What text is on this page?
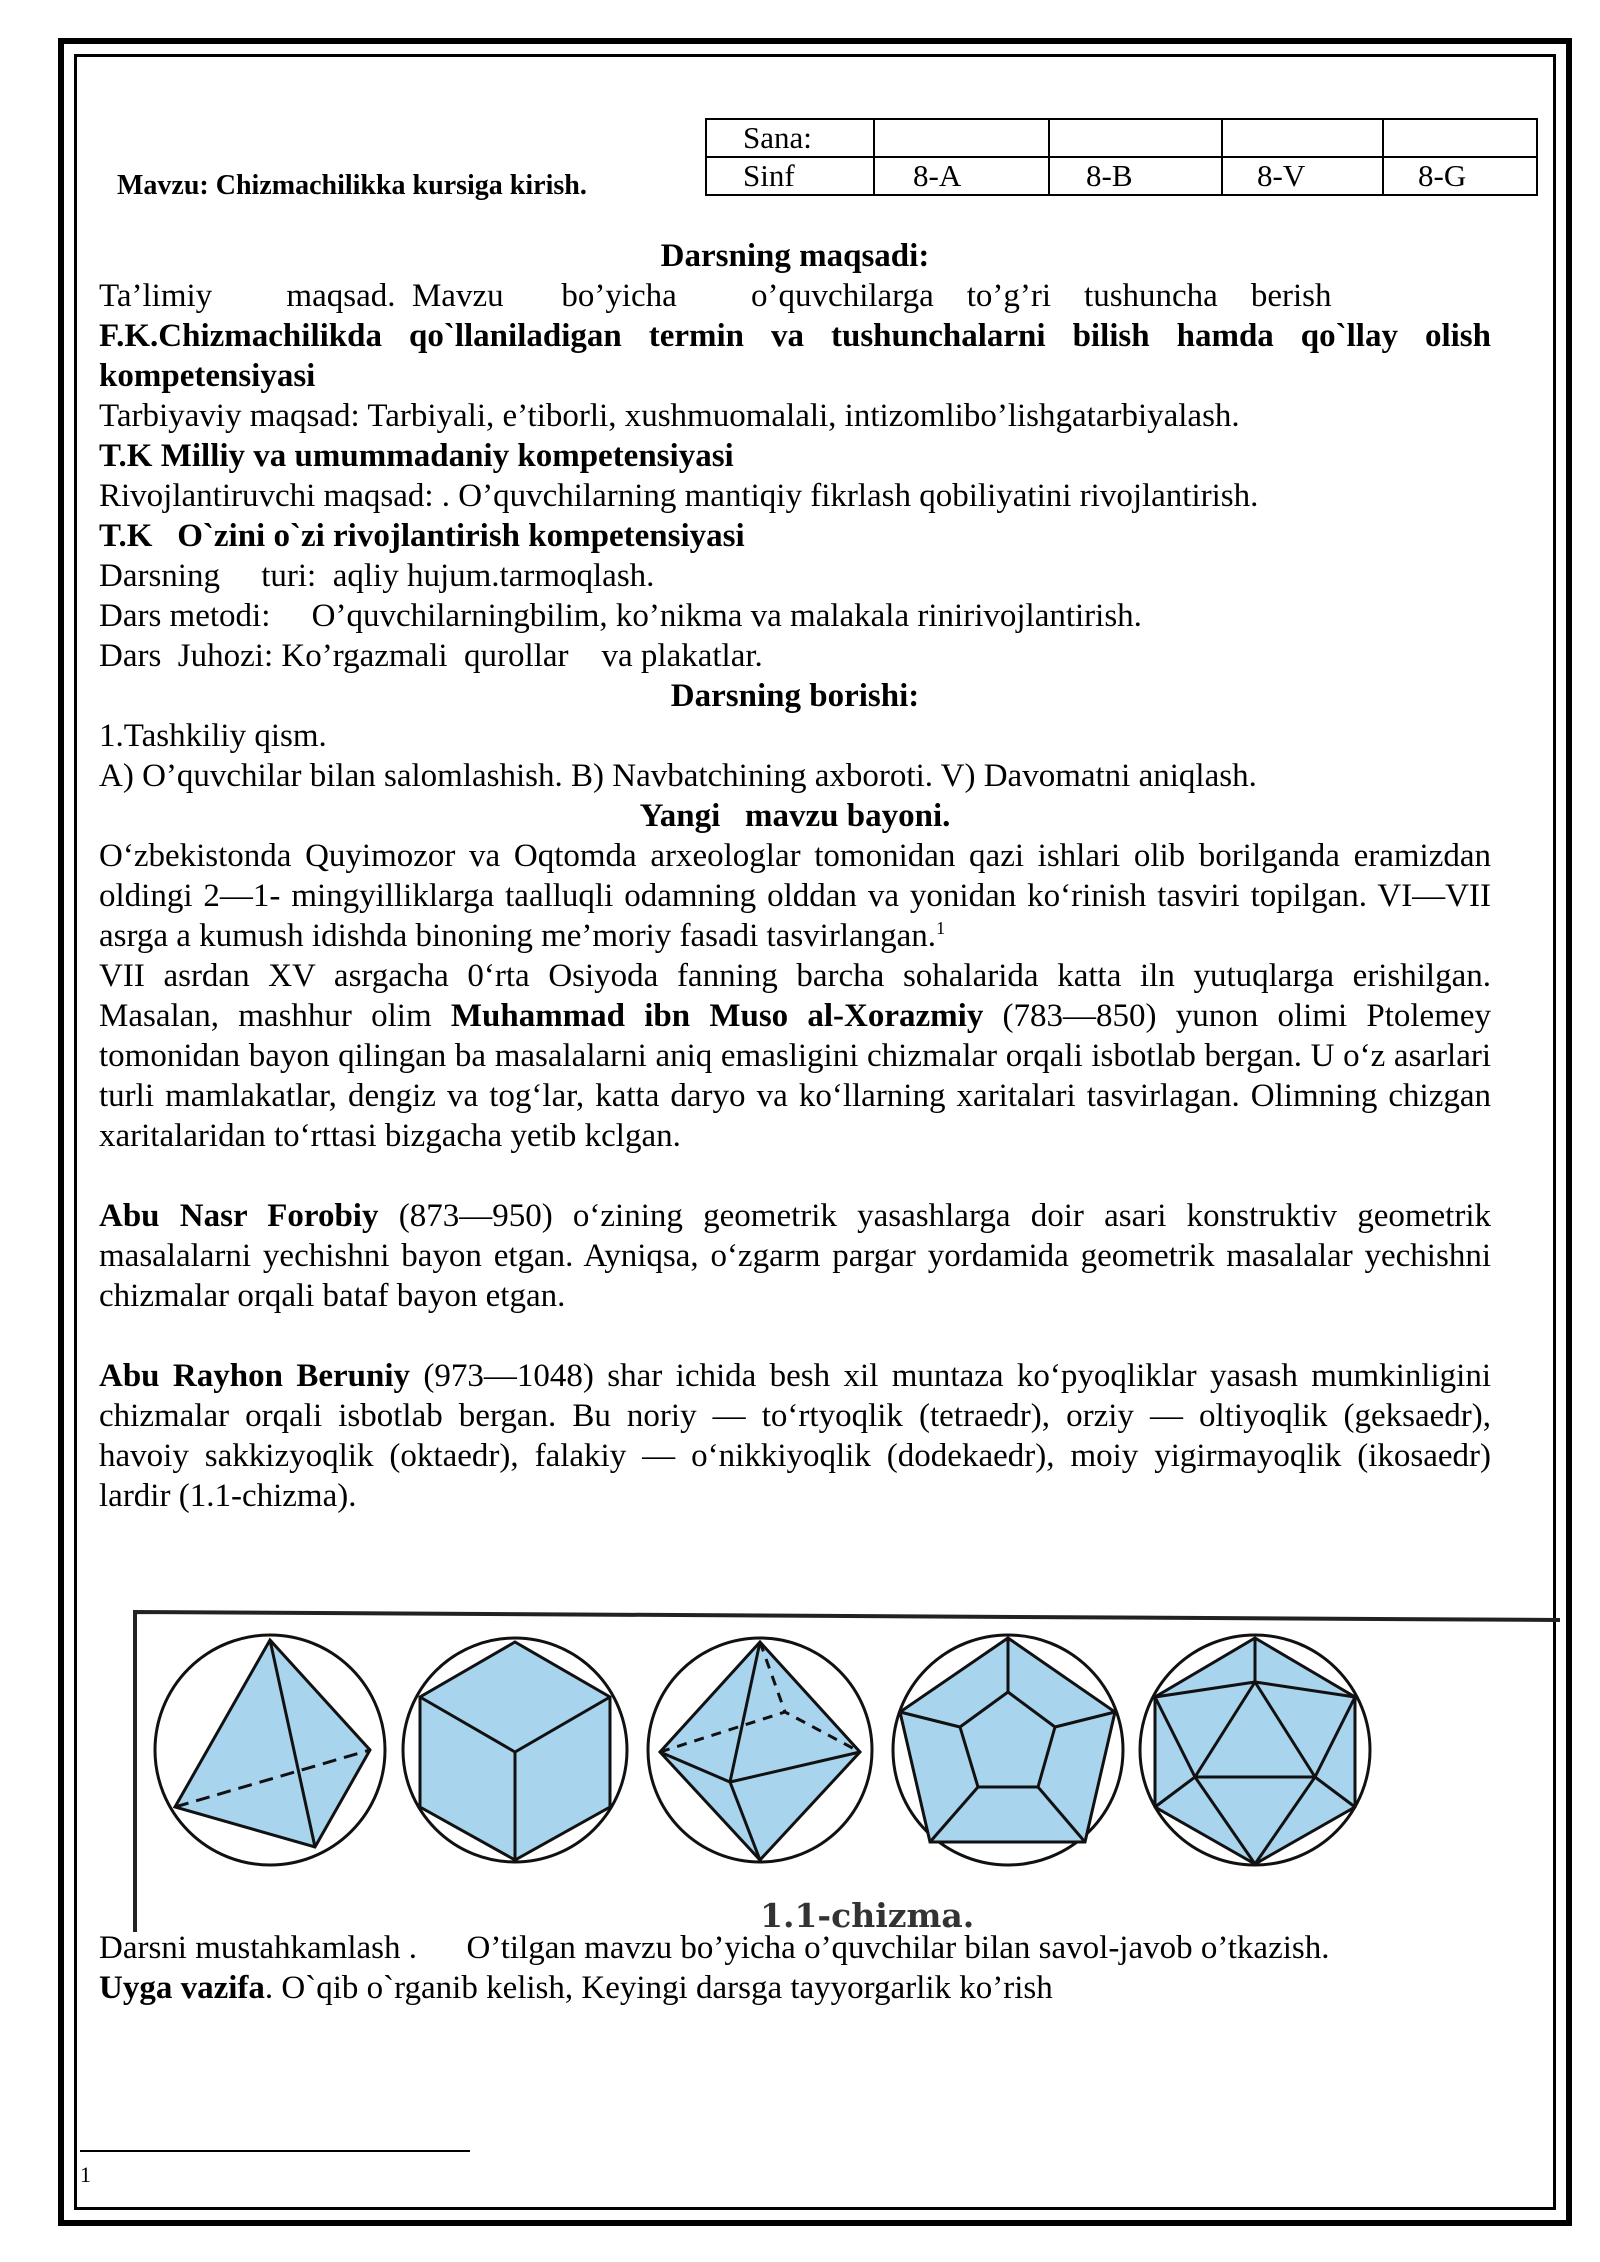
Mavzu: Chizmachilikka kursiga kirish.
Sana:				
Sinf	8-A	8-B	8-V	8-G

Darsning maqsadi:

Ta’limiy         maqsad.  Mavzu       bo’yicha         o’quvchilarga    to’g’ri    tushuncha    berish

F.K.Chizmachilikda qo`llaniladigan termin va tushunchalarni bilish hamda qo`llay olish kompetensiyasi

Tarbiyaviy maqsad: Tarbiyali, e’tiborli, xushmuomalali, intizomlibo’lishgatarbiyalash.

T.K Milliy va umummadaniy kompetensiyasi

Rivojlantiruvchi maqsad: . O’quvchilarning mantiqiy fikrlash qobiliyatini rivojlantirish.

T.K   O`zini o`zi rivojlantirish kompetensiyasi

Darsning     turi:  aqliy hujum.tarmoqlash.

Dars metodi:     O’quvchilarningbilim, ko’nikma va malakala rinirivojlantirish.

Dars  Juhozi: Ko’rgazmali  qurollar    va plakatlar.

Darsning borishi:

1.Tashkiliy qism.

A) O’quvchilar bilan salomlashish. B) Navbatchining axboroti. V) Davomatni aniqlash.

Yangi   mavzu bayoni.

O‘zbekistonda Quyimozor va Oqtomda arxeologlar tomonidan qazi ishlari olib borilganda eramizdan oldingi 2—1- mingyilliklarga taalluqli odamning olddan va yonidan ko‘rinish tasviri topilgan. VI—VII asrga a kumush idishda binoning me’moriy fasadi tasvirlangan.$^1$

VII asrdan XV asrgacha 0‘rta Osiyoda fanning barcha sohalarida katta iln yutuqlarga erishilgan. Masalan, mashhur olim Muhammad ibn Muso al-Xorazmiy (783—850) yunon olimi Ptolemey tomonidan bayon qilingan ba masalalarni aniq emasligini chizmalar orqali isbotlab bergan. U o‘z asarlari turli mamlakatlar, dengiz va tog‘lar, katta daryo va ko‘llarning xaritalari tasvirlagan. Olimning chizgan xaritalaridan to‘rttasi bizgacha yetib kclgan.

Abu Nasr Forobiy (873—950) o‘zining geometrik yasashlarga doir asari konstruktiv geometrik masalalarni yechishni bayon etgan. Ayniqsa, o‘zgarm pargar yordamida geometrik masalalar yechishni chizmalar orqali bataf bayon etgan.

Abu Rayhon Beruniy (973—1048) shar ichida besh xil muntaza ko‘pyoqliklar yasash mumkinligini chizmalar orqali isbotlab bergan. Bu noriy — to‘rtyoqlik (tetraedr), orziy — oltiyoqlik (geksaedr), havoiy sakkizyoqlik (oktaedr), falakiy — o‘nikkiyoqlik (dodekaedr), moiy yigirmayoqlik (ikosaedr) lardir (1.1-chizma).

1.1-chizma.

Darsni mustahkamlash .      O’tilgan mavzu bo’yicha o’quvchilar bilan savol-javob o’tkazish.

Uyga vazifa. O`qib o`rganib kelish, Keyingi darsga tayyorgarlik ko’rish

1
